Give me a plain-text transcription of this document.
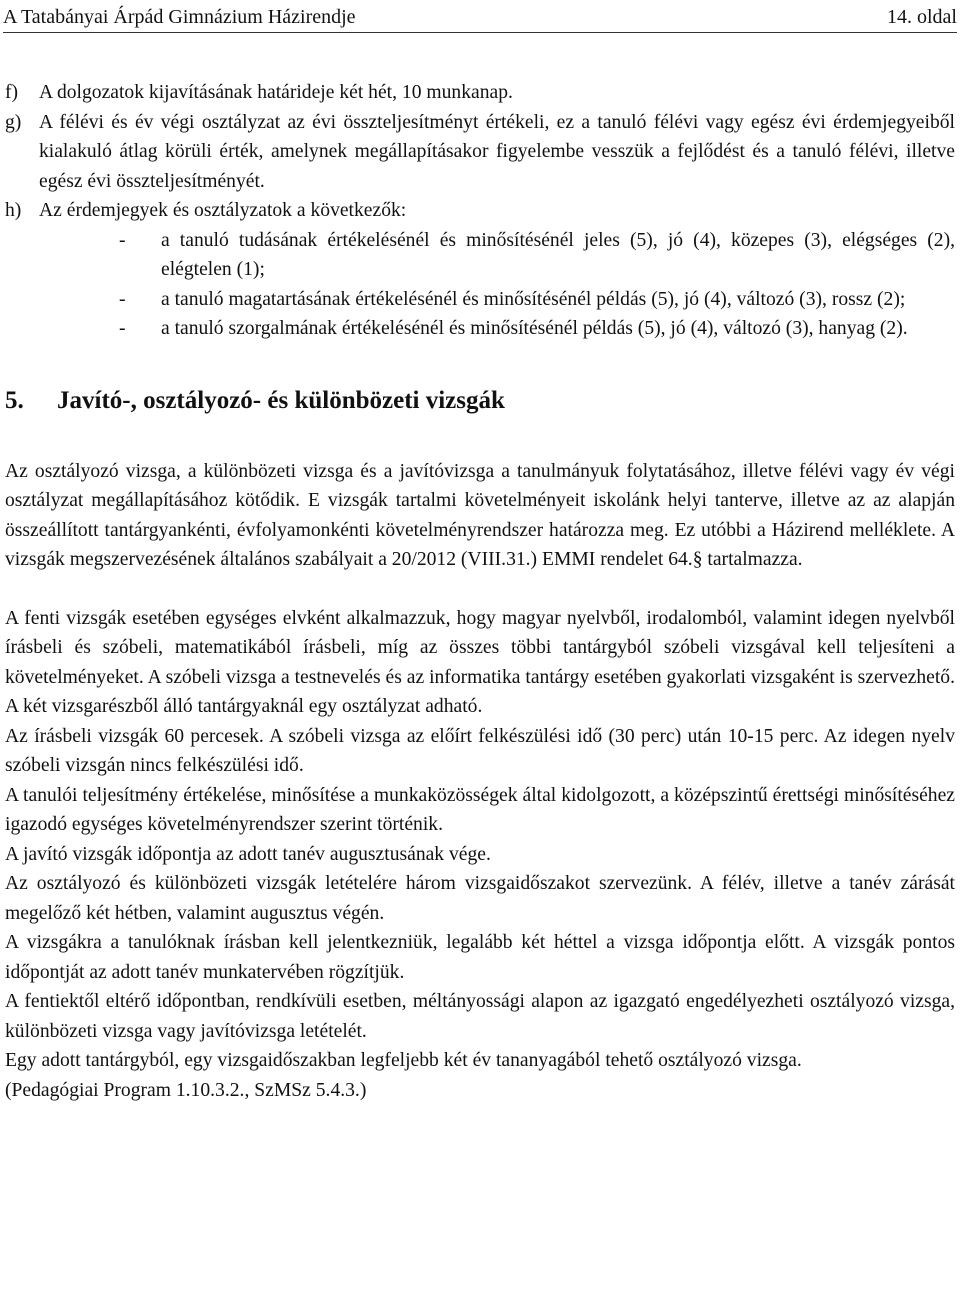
A Tatabányai Árpád Gimnázium Házirendje	14. oldal
f) A dolgozatok kijavításának határideje két hét, 10 munkanap.
g) A félévi és év végi osztályzat az évi összteljesítményt értékeli, ez a tanuló félévi vagy egész évi érdemjegyeiből kialakuló átlag körüli érték, amelynek megállapításakor figyelembe vesszük a fejlődést és a tanuló félévi, illetve egész évi összteljesítményét.
h) Az érdemjegyek és osztályzatok a következők:
- a tanuló tudásának értékelésénél és minősítésénél jeles (5), jó (4), közepes (3), elégséges (2), elégtelen (1);
- a tanuló magatartásának értékelésénél és minősítésénél példás (5), jó (4), változó (3), rossz (2);
- a tanuló szorgalmának értékelésénél és minősítésénél példás (5), jó (4), változó (3), hanyag (2).
5.	Javító-, osztályozó- és különbözeti vizsgák
Az osztályozó vizsga, a különbözeti vizsga és a javítóvizsga a tanulmányuk folytatásához, illetve félévi vagy év végi osztályzat megállapításához kötődik. E vizsgák tartalmi követelményeit iskolánk helyi tanterve, illetve az az alapján összeállított tantárgyankénti, évfolyamonkénti követelményrendszer határozza meg. Ez utóbbi a Házirend melléklete. A vizsgák megszervezésének általános szabályait a 20/2012 (VIII.31.) EMMI rendelet 64.§ tartalmazza.
A fenti vizsgák esetében egységes elvként alkalmazzuk, hogy magyar nyelvből, irodalomból, valamint idegen nyelvből írásbeli és szóbeli, matematikából írásbeli, míg az összes többi tantárgyból szóbeli vizsgával kell teljesíteni a követelményeket. A szóbeli vizsga a testnevelés és az informatika tantárgy esetében gyakorlati vizsgaként is szervezhető. A két vizsgarészből álló tantárgyaknál egy osztályzat adható.
Az írásbeli vizsgák 60 percesek. A szóbeli vizsga az előírt felkészülési idő (30 perc) után 10-15 perc. Az idegen nyelv szóbeli vizsgán nincs felkészülési idő.
A tanulói teljesítmény értékelése, minősítése a munkaközösségek által kidolgozott, a középszintű érettségi minősítéséhez igazodó egységes követelményrendszer szerint történik.
A javító vizsgák időpontja az adott tanév augusztusának vége.
Az osztályozó és különbözeti vizsgák letételére három vizsgaidőszakot szervezünk. A félév, illetve a tanév zárását megelőző két hétben, valamint augusztus végén.
A vizsgákra a tanulóknak írásban kell jelentkezniük, legalább két héttel a vizsga időpontja előtt. A vizsgák pontos időpontját az adott tanév munkatervében rögzítjük.
A fentiektől eltérő időpontban, rendkívüli esetben, méltányossági alapon az igazgató engedélyezheti osztályozó vizsga, különbözeti vizsga vagy javítóvizsga letételét.
Egy adott tantárgyból, egy vizsgaidőszakban legfeljebb két év tananyagából tehető osztályozó vizsga.
(Pedagógiai Program 1.10.3.2., SzMSz 5.4.3.)
